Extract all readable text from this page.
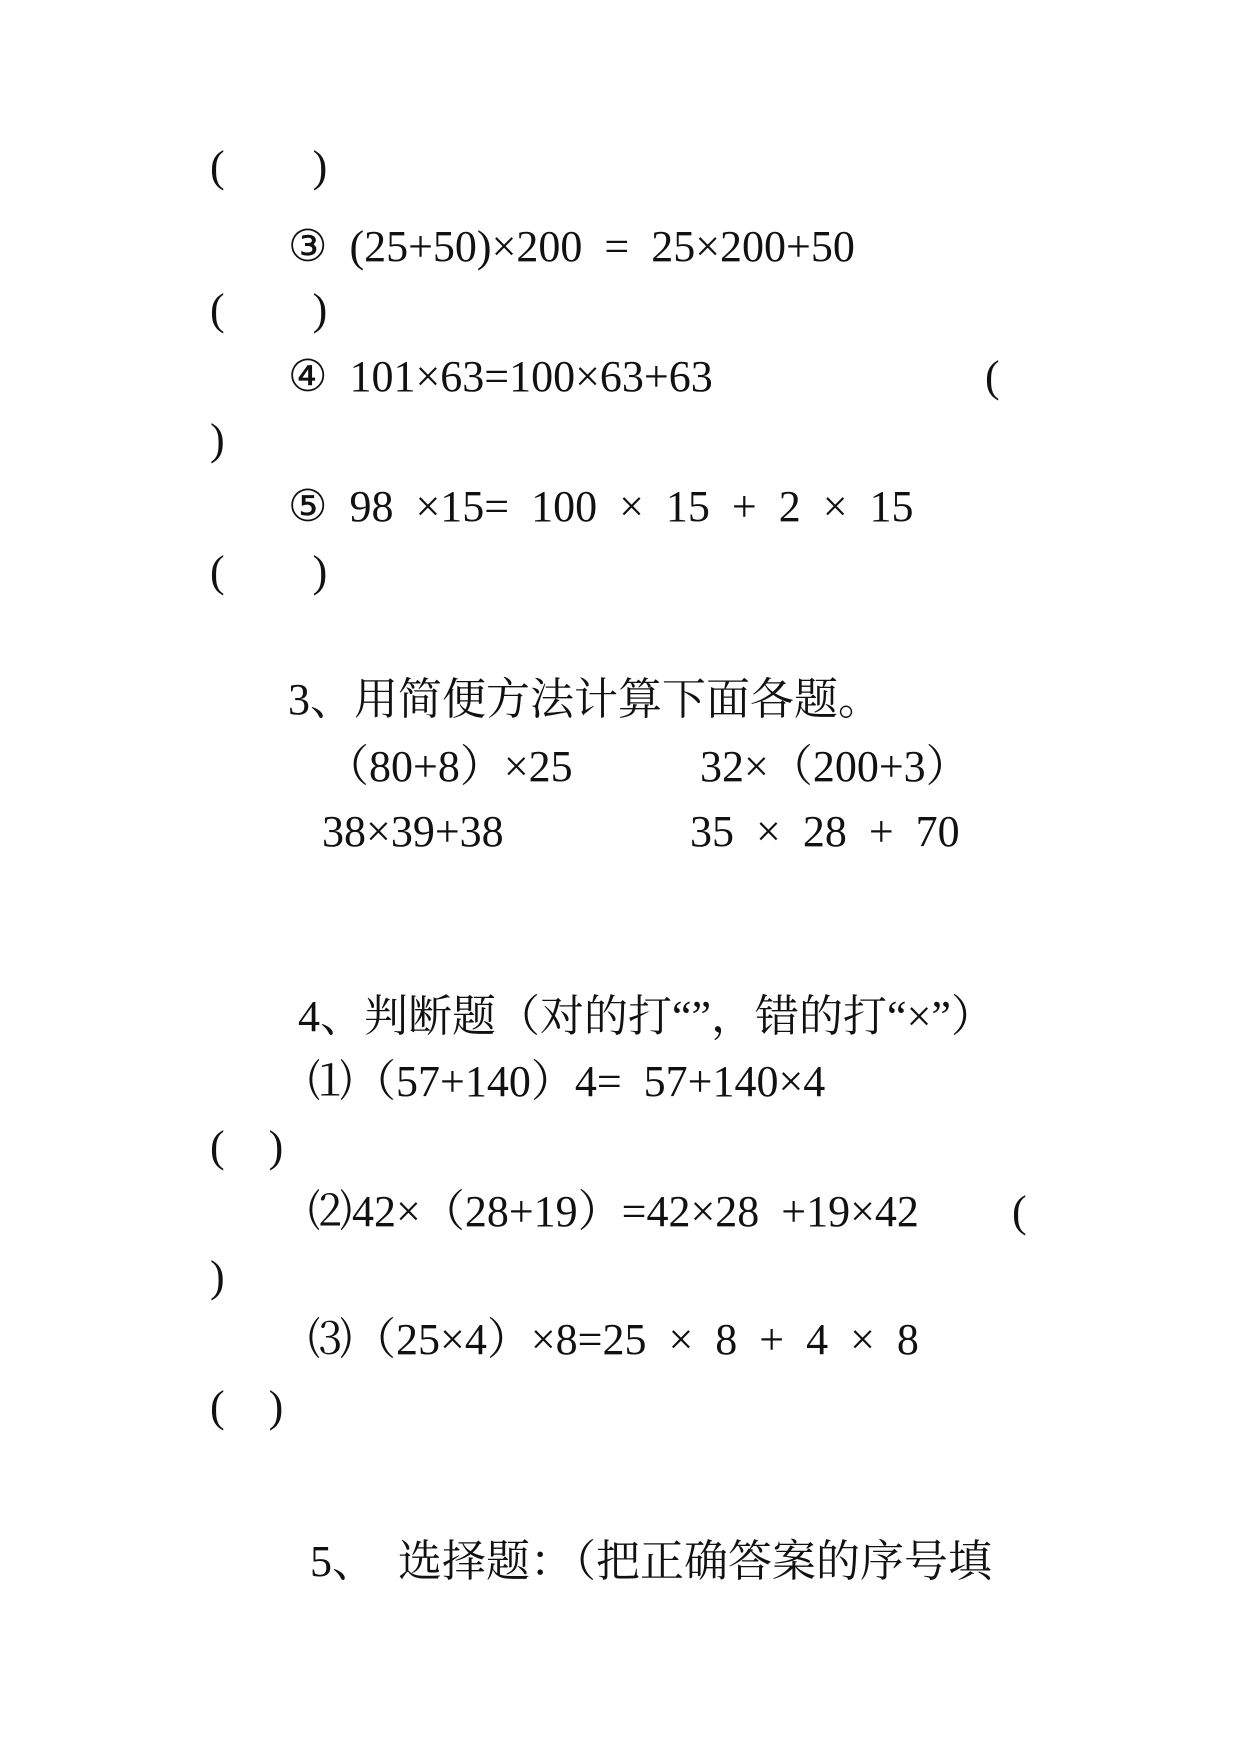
(        )
③  (25+50)×200  =  25×200+50
(        )
④  101×63=100×63+63	(
)
⑤  98  ×15=  100  ×  15  +  2  ×  15
(        )
3、用简便方法计算下面各题。
（80+8）×25	32×（200+3）
38×39+38	35  ×  28  +  70
4、判断题（对的打“”，错的打“×”）
⑴（57+140）4=  57+140×4
(    )
⑵42×（28+19）=42×28  +19×42 (
)
⑶（25×4）×8=25  ×  8  +  4  ×  8
(    )
5、  选择题：（把正确答案的序号填
